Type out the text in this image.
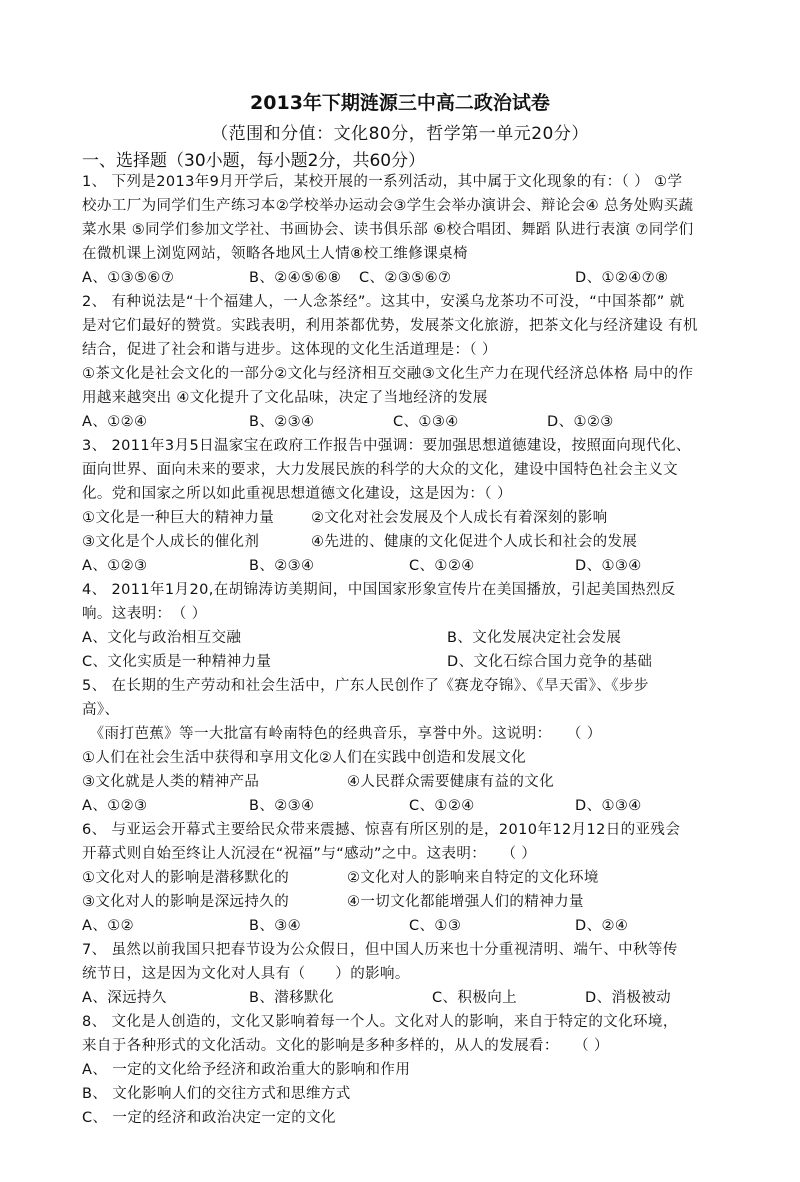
2013年下期涟源三中高二政治试卷
（范围和分值：文化80分，哲学第一单元20分）
一、选择题（30小题，每小题2分，共60分）
1、 下列是2013年9月开学后，某校开展的一系列活动，其中属于文化现象的有：（ ） ①学
校办工厂为同学们生产练习本②学校举办运动会③学生会举办演讲会、辩论会④ 总务处购买蔬
菜水果 ⑤同学们参加文学社、书画协会、读书俱乐部 ⑥校合唱团、舞蹈 队进行表演 ⑦同学们
在微机课上浏览网站，领略各地风土人情⑧校工维修课桌椅
A、①③⑤⑥⑦	B、②④⑤⑥⑧ C、②③⑤⑥⑦	D、①②④⑦⑧
2、 有种说法是“十个福建人，一人念茶经”。这其中，安溪乌龙茶功不可没，“中国茶都” 就
是对它们最好的赞赏。实践表明，利用茶都优势，发展茶文化旅游，把茶文化与经济建设 有机
结合，促进了社会和谐与进步。这体现的文化生活道理是：（ ）
①茶文化是社会文化的一部分②文化与经济相互交融③文化生产力在现代经济总体格 局中的作
用越来越突出 ④文化提升了文化品味，决定了当地经济的发展
A、①②④	B、②③④	C、①③④	D、①②③
3、 2011年3月5日温家宝在政府工作报告中强调：要加强思想道德建设，按照面向现代化、
面向世界、面向未来的要求，大力发展民族的科学的大众的文化，建设中国特色社会主义文
化。党和国家之所以如此重视思想道德文化建设，这是因为：（ ）
①文化是一种巨大的精神力量	②文化对社会发展及个人成长有着深刻的影响
③文化是个人成长的催化剂	④先进的、健康的文化促进个人成长和社会的发展
A、①②③	B、②③④	C、①②④	D、①③④
4、 2011年1月20,在胡锦涛访美期间，中国国家形象宣传片在美国播放，引起美国热烈反
响。这表明：　（ ）
A、文化与政治相互交融	B、文化发展决定社会发展
C、文化实质是一种精神力量	D、文化石综合国力竞争的基础
5、 在长期的生产劳动和社会生活中，广东人民创作了《赛龙夺锦》、《旱天雷》、《步步
高》、
　《雨打芭蕉》等一大批富有岭南特色的经典音乐，享誉中外。这说明：　　（ ）
①人们在社会生活中获得和享用文化②人们在实践中创造和发展文化
③文化就是人类的精神产品	④人民群众需要健康有益的文化
A、①②③	B、②③④	C、①②④	D、①③④
6、 与亚运会开幕式主要给民众带来震撼、惊喜有所区别的是，2010年12月12日的亚残会
开幕式则自始至终让人沉浸在“祝福”与“感动”之中。这表明：　　（ ）
①文化对人的影响是潜移默化的	②文化对人的影响来自特定的文化环境
③文化对人的影响是深远持久的	④一切文化都能增强人们的精神力量
A、①②	B、③④	C、①③	D、②④
7、 虽然以前我国只把春节设为公众假日，但中国人历来也十分重视清明、端午、中秋等传
统节日，这是因为文化对人具有（　　）的影响。
A、深远持久	B、潜移默化	C、积极向上	D、消极被动
8、 文化是人创造的，文化又影响着每一个人。文化对人的影响，来自于特定的文化环境，
来自于各种形式的文化活动。文化的影响是多种多样的，从人的发展看：　　（ ）
A、 一定的文化给予经济和政治重大的影响和作用
B、 文化影响人们的交往方式和思维方式
C、 一定的经济和政治决定一定的文化
